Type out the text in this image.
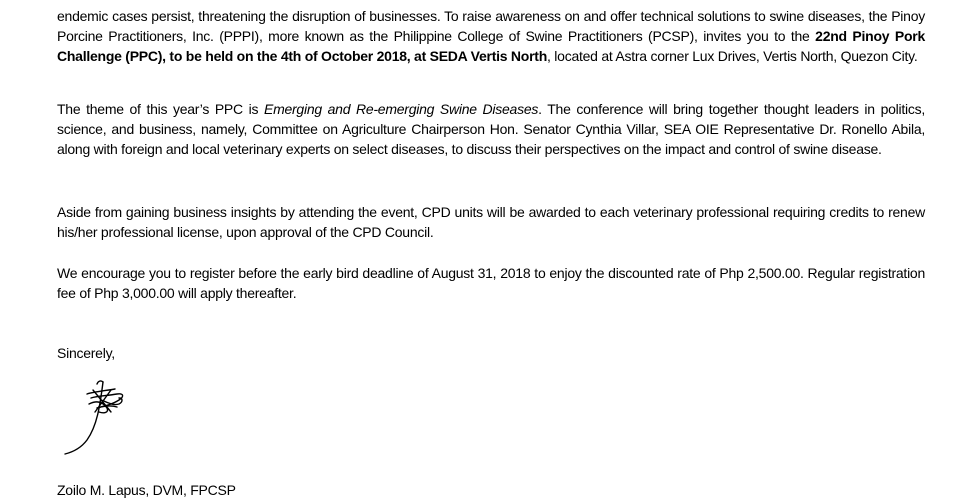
endemic cases persist, threatening the disruption of businesses. To raise awareness on and offer technical solutions to swine diseases, the Pinoy Porcine Practitioners, Inc. (PPPI), more known as the Philippine College of Swine Practitioners (PCSP), invites you to the 22nd Pinoy Pork Challenge (PPC), to be held on the 4th of October 2018, at SEDA Vertis North, located at Astra corner Lux Drives, Vertis North, Quezon City.

The theme of this year’s PPC is Emerging and Re-emerging Swine Diseases. The conference will bring together thought leaders in politics, science, and business, namely, Committee on Agriculture Chairperson Hon. Senator Cynthia Villar, SEA OIE Representative Dr. Ronello Abila, along with foreign and local veterinary experts on select diseases, to discuss their perspectives on the impact and control of swine disease.

Aside from gaining business insights by attending the event, CPD units will be awarded to each veterinary professional requiring credits to renew his/her professional license, upon approval of the CPD Council.

We encourage you to register before the early bird deadline of August 31, 2018 to enjoy the discounted rate of Php 2,500.00. Regular registration fee of Php 3,000.00 will apply thereafter.

Sincerely,

Zoilo M. Lapus, DVM, FPCSP
